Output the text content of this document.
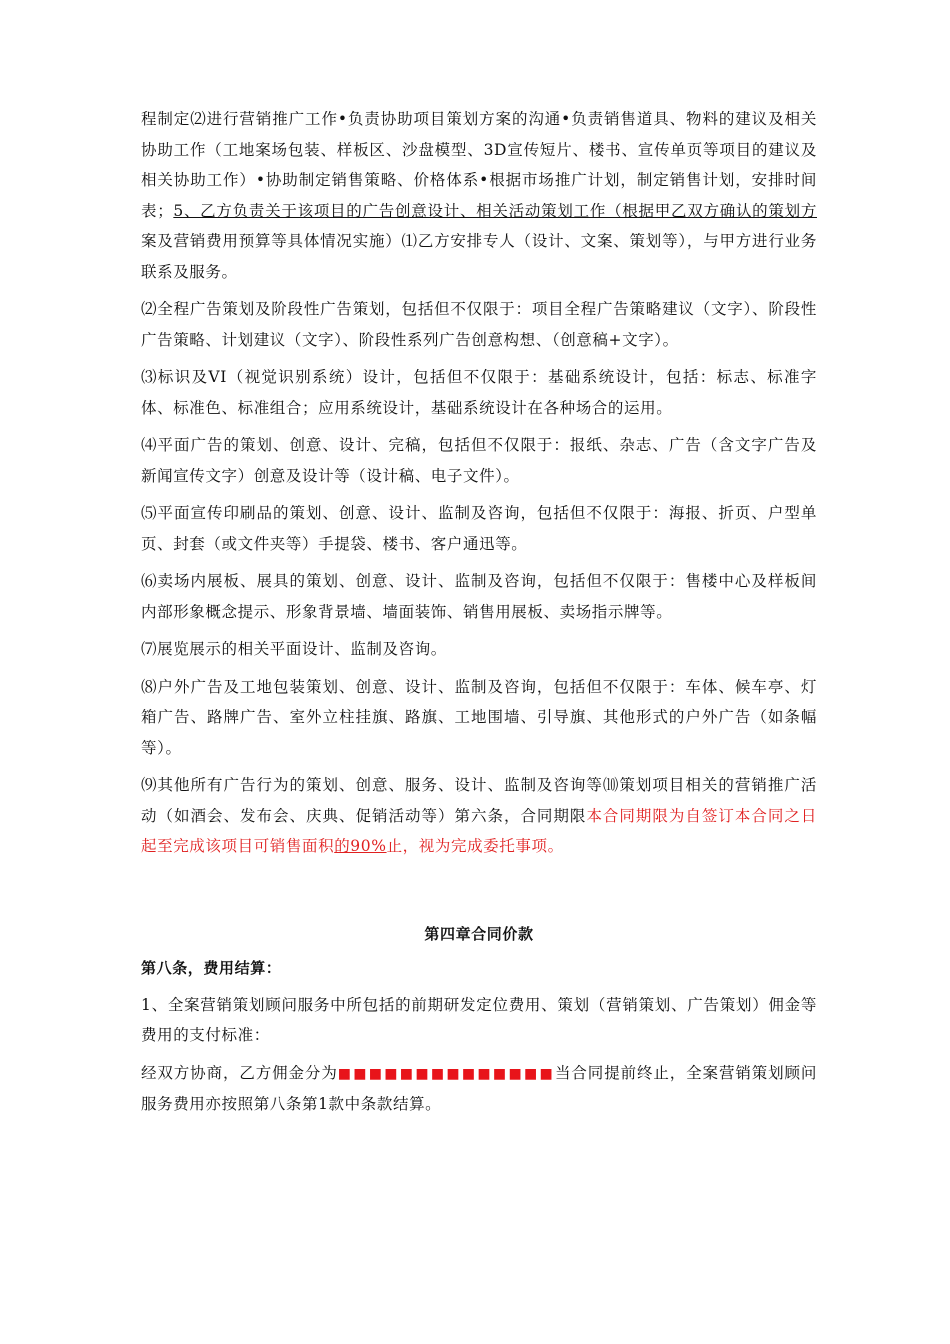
程制定⑵进行营销推广工作•负责协助项目策划方案的沟通•负责销售道具、物料的建议及相关协助工作（工地案场包装、样板区、沙盘模型、3D宣传短片、楼书、宣传单页等项目的建议及相关协助工作）•协助制定销售策略、价格体系•根据市场推广计划，制定销售计划，安排时间表；5、乙方负责关于该项目的广告创意设计、相关活动策划工作（根据甲乙双方确认的策划方案及营销费用预算等具体情况实施）⑴乙方安排专人（设计、文案、策划等），与甲方进行业务联系及服务。

⑵全程广告策划及阶段性广告策划，包括但不仅限于：项目全程广告策略建议（文字）、阶段性广告策略、计划建议（文字）、阶段性系列广告创意构想、（创意稿+文字）。

⑶标识及VI（视觉识别系统）设计，包括但不仅限于：基础系统设计，包括：标志、标准字体、标准色、标准组合；应用系统设计，基础系统设计在各种场合的运用。

⑷平面广告的策划、创意、设计、完稿，包括但不仅限于：报纸、杂志、广告（含文字广告及新闻宣传文字）创意及设计等（设计稿、电子文件）。

⑸平面宣传印刷品的策划、创意、设计、监制及咨询，包括但不仅限于：海报、折页、户型单页、封套（或文件夹等）手提袋、楼书、客户通迅等。

⑹卖场内展板、展具的策划、创意、设计、监制及咨询，包括但不仅限于：售楼中心及样板间内部形象概念提示、形象背景墙、墙面装饰、销售用展板、卖场指示牌等。

⑺展览展示的相关平面设计、监制及咨询。

⑻户外广告及工地包装策划、创意、设计、监制及咨询，包括但不仅限于：车体、候车亭、灯箱广告、路牌广告、室外立柱挂旗、路旗、工地围墙、引导旗、其他形式的户外广告（如条幅等）。

⑼其他所有广告行为的策划、创意、服务、设计、监制及咨询等⑽策划项目相关的营销推广活动（如酒会、发布会、庆典、促销活动等）第六条，合同期限本合同期限为自签订本合同之日起至完成该项目可销售面积的90%止，视为完成委托事项。

第四章合同价款
第八条，费用结算：

1、全案营销策划顾问服务中所包括的前期研发定位费用、策划（营销策划、广告策划）佣金等费用的支付标准：

经双方协商，乙方佣金分为■■■■■■■■■■■■■■当合同提前终止，全案营销策划顾问服务费用亦按照第八条第1款中条款结算。
